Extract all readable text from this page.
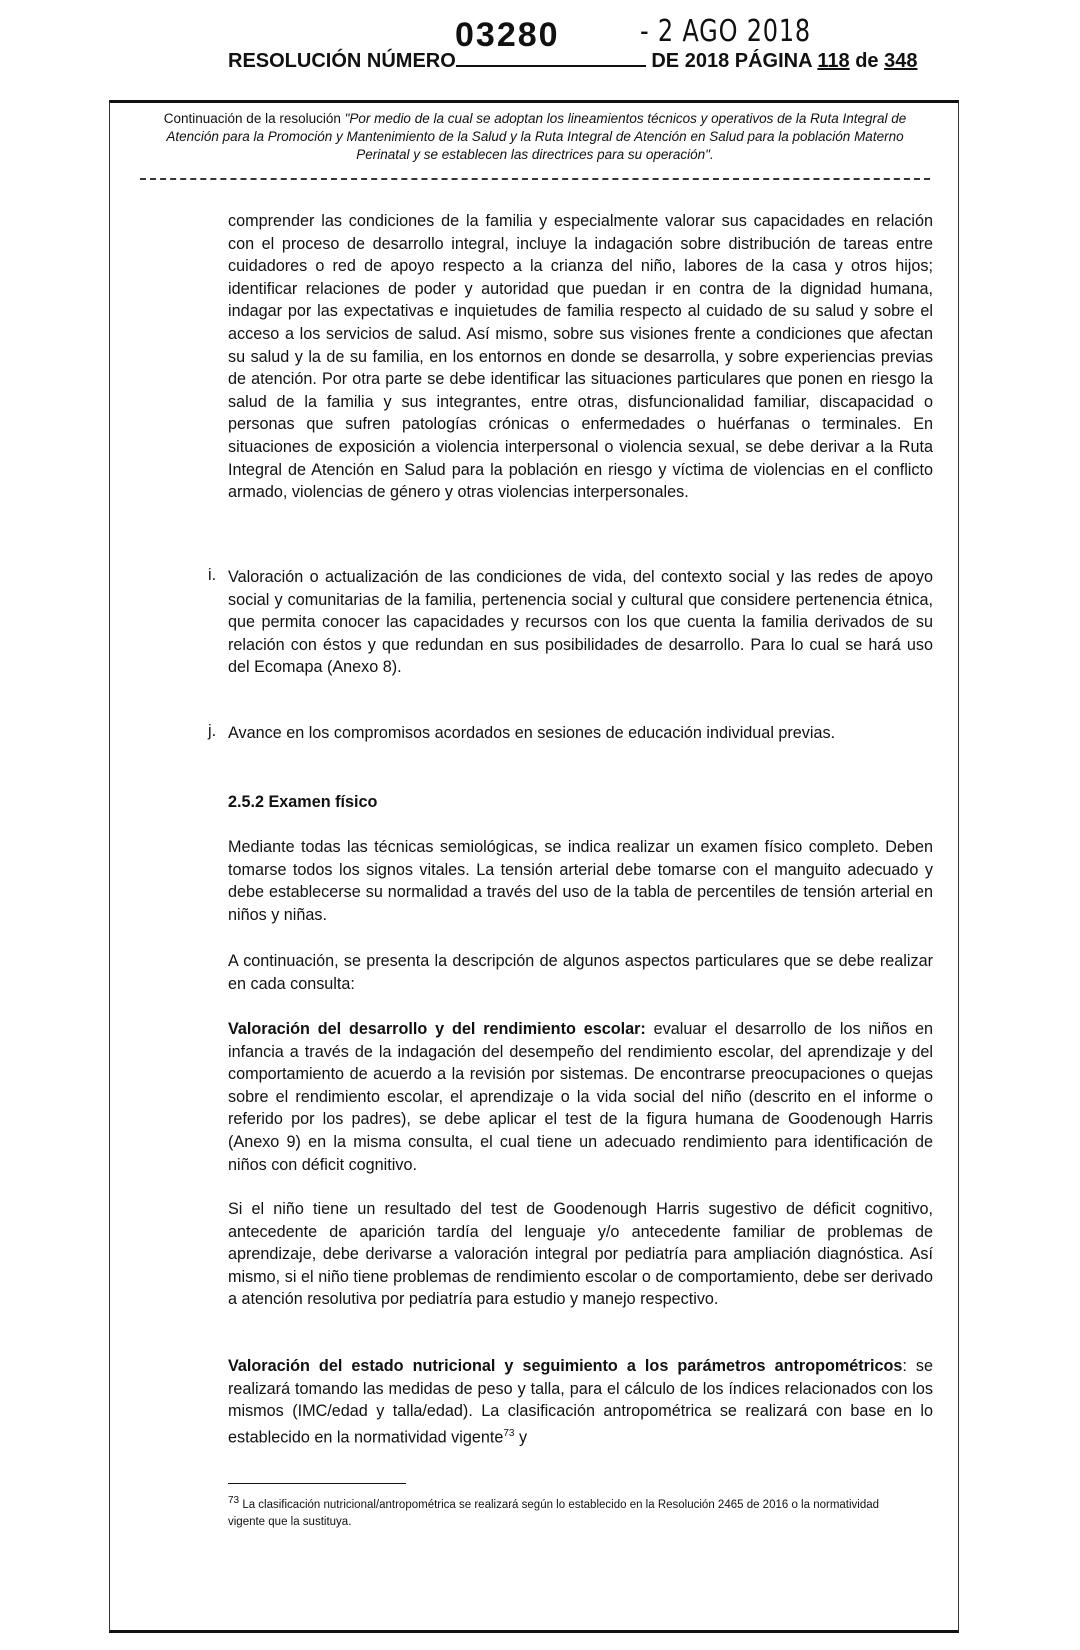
- 2 AGO 2018
03280
RESOLUCIÓN NÚMERO	DE 2018 PÁGINA 118 de 348
Continuación de la resolución "Por medio de la cual se adoptan los lineamientos técnicos y operativos de la Ruta Integral de Atención para la Promoción y Mantenimiento de la Salud y la Ruta Integral de Atención en Salud para la población Materno Perinatal y se establecen las directrices para su operación".
comprender las condiciones de la familia y especialmente valorar sus capacidades en relación con el proceso de desarrollo integral, incluye la indagación sobre distribución de tareas entre cuidadores o red de apoyo respecto a la crianza del niño, labores de la casa y otros hijos; identificar relaciones de poder y autoridad que puedan ir en contra de la dignidad humana, indagar por las expectativas e inquietudes de familia respecto al cuidado de su salud y sobre el acceso a los servicios de salud. Así mismo, sobre sus visiones frente a condiciones que afectan su salud y la de su familia, en los entornos en donde se desarrolla, y sobre experiencias previas de atención. Por otra parte se debe identificar las situaciones particulares que ponen en riesgo la salud de la familia y sus integrantes, entre otras, disfuncionalidad familiar, discapacidad o personas que sufren patologías crónicas o enfermedades o huérfanas o terminales. En situaciones de exposición a violencia interpersonal o violencia sexual, se debe derivar a la Ruta Integral de Atención en Salud para la población en riesgo y víctima de violencias en el conflicto armado, violencias de género y otras violencias interpersonales.
i. Valoración o actualización de las condiciones de vida, del contexto social y las redes de apoyo social y comunitarias de la familia, pertenencia social y cultural que considere pertenencia étnica, que permita conocer las capacidades y recursos con los que cuenta la familia derivados de su relación con éstos y que redundan en sus posibilidades de desarrollo. Para lo cual se hará uso del Ecomapa (Anexo 8).
j. Avance en los compromisos acordados en sesiones de educación individual previas.
2.5.2 Examen físico
Mediante todas las técnicas semiológicas, se indica realizar un examen físico completo. Deben tomarse todos los signos vitales. La tensión arterial debe tomarse con el manguito adecuado y debe establecerse su normalidad a través del uso de la tabla de percentiles de tensión arterial en niños y niñas.
A continuación, se presenta la descripción de algunos aspectos particulares que se debe realizar en cada consulta:
Valoración del desarrollo y del rendimiento escolar: evaluar el desarrollo de los niños en infancia a través de la indagación del desempeño del rendimiento escolar, del aprendizaje y del comportamiento de acuerdo a la revisión por sistemas. De encontrarse preocupaciones o quejas sobre el rendimiento escolar, el aprendizaje o la vida social del niño (descrito en el informe o referido por los padres), se debe aplicar el test de la figura humana de Goodenough Harris (Anexo 9) en la misma consulta, el cual tiene un adecuado rendimiento para identificación de niños con déficit cognitivo.
Si el niño tiene un resultado del test de Goodenough Harris sugestivo de déficit cognitivo, antecedente de aparición tardía del lenguaje y/o antecedente familiar de problemas de aprendizaje, debe derivarse a valoración integral por pediatría para ampliación diagnóstica. Así mismo, si el niño tiene problemas de rendimiento escolar o de comportamiento, debe ser derivado a atención resolutiva por pediatría para estudio y manejo respectivo.
Valoración del estado nutricional y seguimiento a los parámetros antropométricos: se realizará tomando las medidas de peso y talla, para el cálculo de los índices relacionados con los mismos (IMC/edad y talla/edad). La clasificación antropométrica se realizará con base en lo establecido en la normatividad vigente$^{73}$ y
$^{73}$ La clasificación nutricional/antropométrica se realizará según lo establecido en la Resolución 2465 de 2016 o la normatividad vigente que la sustituya.
